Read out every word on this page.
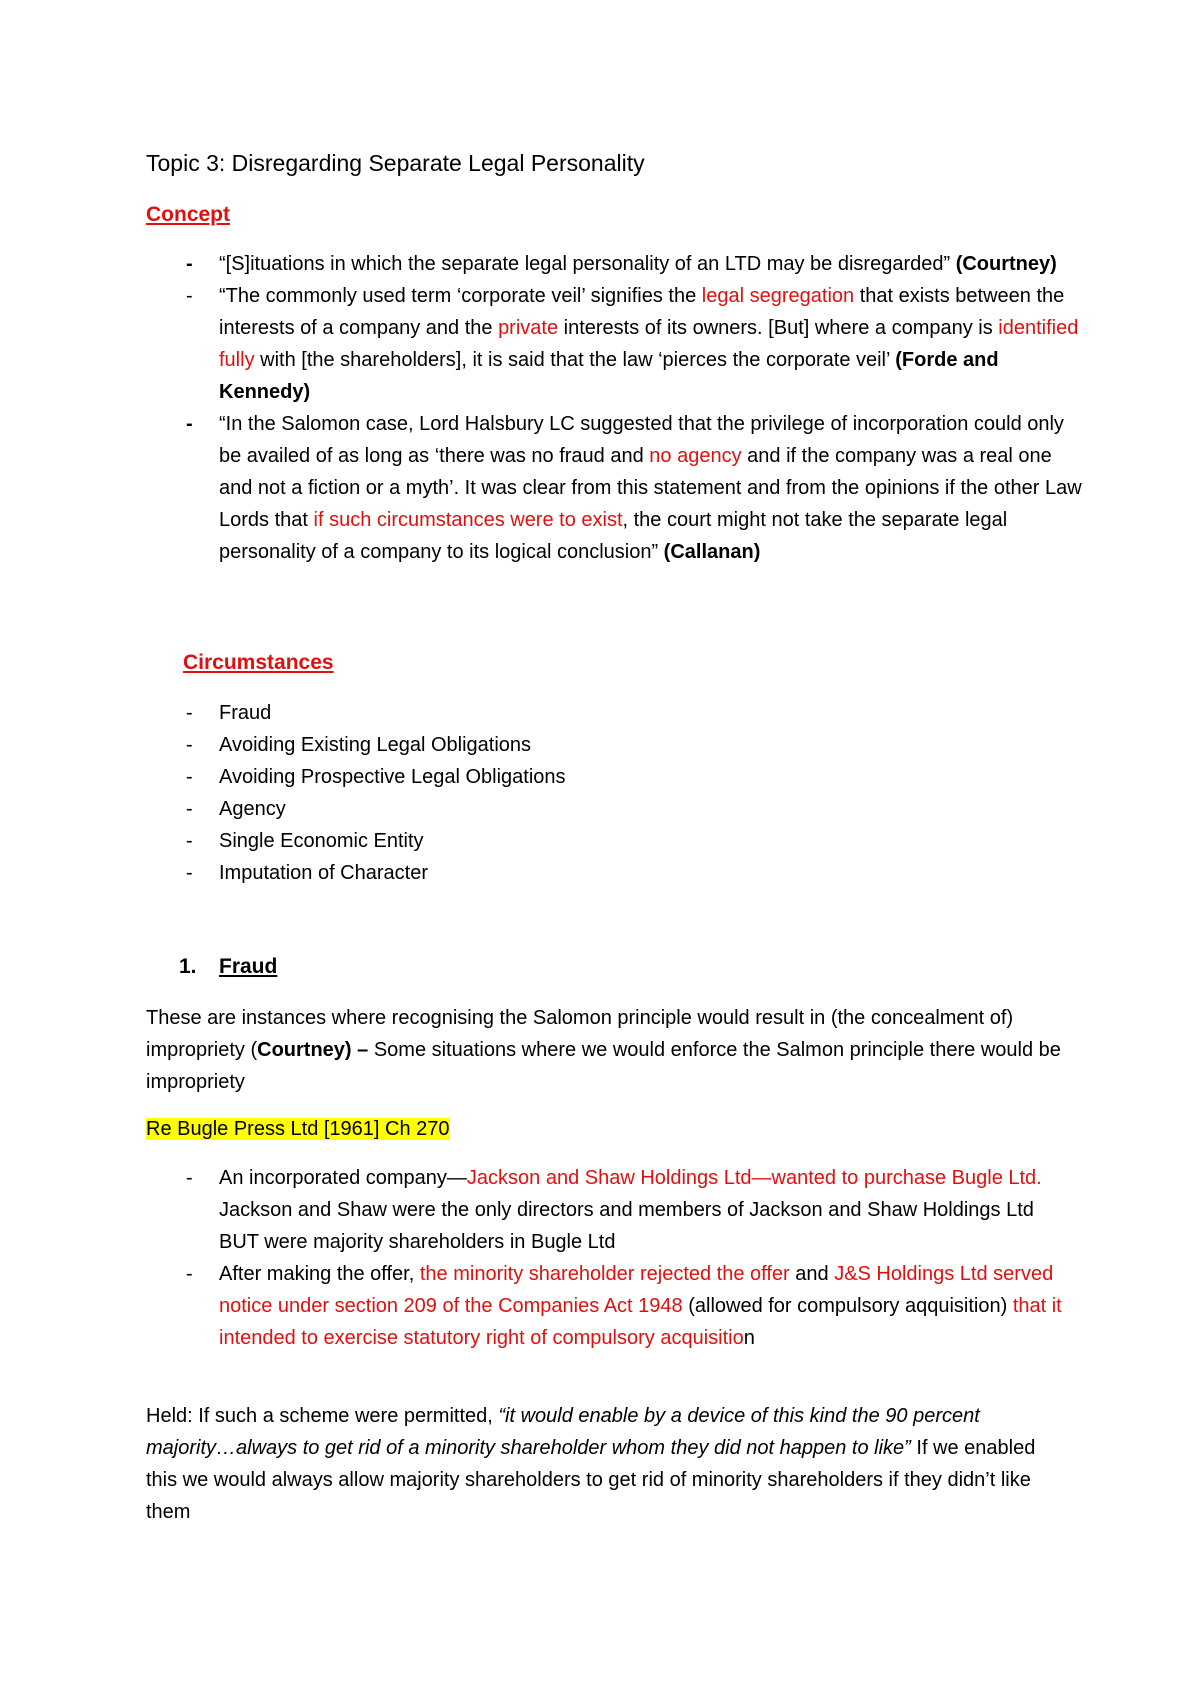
Topic 3: Disregarding Separate Legal Personality
Concept
- “[S]ituations in which the separate legal personality of an LTD may be disregarded” (Courtney)
- “The commonly used term ‘corporate veil’ signifies the legal segregation that exists between the interests of a company and the private interests of its owners. [But] where a company is identified fully with [the shareholders], it is said that the law ‘pierces the corporate veil’ (Forde and Kennedy)
- “In the Salomon case, Lord Halsbury LC suggested that the privilege of incorporation could only be availed of as long as ‘there was no fraud and no agency and if the company was a real one and not a fiction or a myth’. It was clear from this statement and from the opinions if the other Law Lords that if such circumstances were to exist, the court might not take the separate legal personality of a company to its logical conclusion” (Callanan)
Circumstances
- Fraud
- Avoiding Existing Legal Obligations
- Avoiding Prospective Legal Obligations
- Agency
- Single Economic Entity
- Imputation of Character
1. Fraud

These are instances where recognising the Salomon principle would result in (the concealment of) impropriety (Courtney) – Some situations where we would enforce the Salmon principle there would be impropriety

Re Bugle Press Ltd [1961] Ch 270
- An incorporated company—Jackson and Shaw Holdings Ltd—wanted to purchase Bugle Ltd. Jackson and Shaw were the only directors and members of Jackson and Shaw Holdings Ltd BUT were majority shareholders in Bugle Ltd
- After making the offer, the minority shareholder rejected the offer and J&S Holdings Ltd served notice under section 209 of the Companies Act 1948 (allowed for compulsory aqquisition) that it intended to exercise statutory right of compulsory acquisition

Held: If such a scheme were permitted, “it would enable by a device of this kind the 90 percent majority…always to get rid of a minority shareholder whom they did not happen to like” If we enabled this we would always allow majority shareholders to get rid of minority shareholders if they didn’t like them
